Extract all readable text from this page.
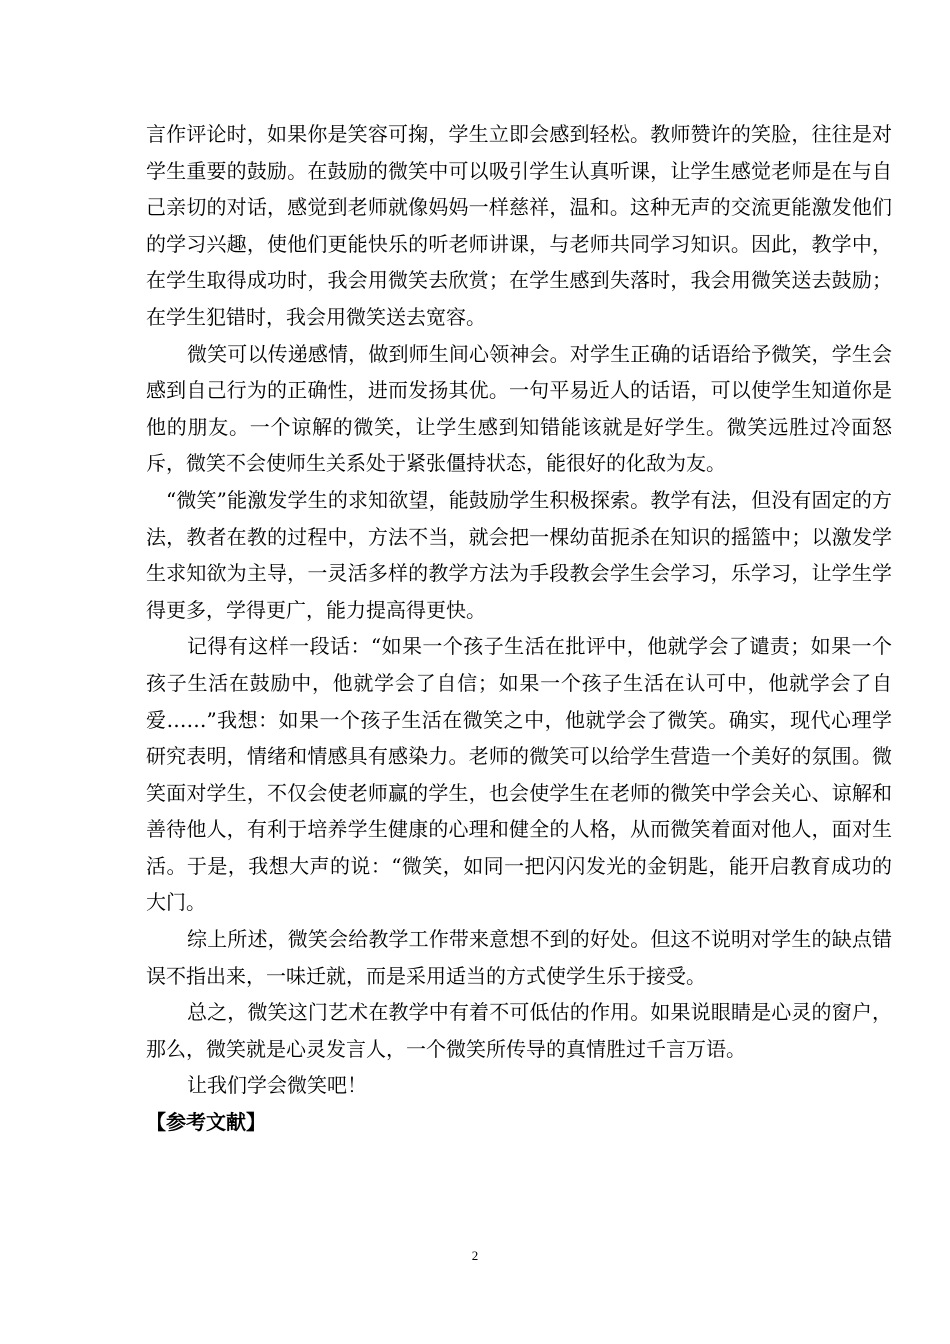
言作评论时，如果你是笑容可掬，学生立即会感到轻松。教师赞许的笑脸，往往是对学生重要的鼓励。在鼓励的微笑中可以吸引学生认真听课，让学生感觉老师是在与自己亲切的对话，感觉到老师就像妈妈一样慈祥，温和。这种无声的交流更能激发他们的学习兴趣，使他们更能快乐的听老师讲课，与老师共同学习知识。因此，教学中，在学生取得成功时，我会用微笑去欣赏；在学生感到失落时，我会用微笑送去鼓励；在学生犯错时，我会用微笑送去宽容。

微笑可以传递感情，做到师生间心领神会。对学生正确的话语给予微笑，学生会感到自己行为的正确性，进而发扬其优。一句平易近人的话语，可以使学生知道你是他的朋友。一个谅解的微笑，让学生感到知错能该就是好学生。微笑远胜过冷面怒斥，微笑不会使师生关系处于紧张僵持状态，能很好的化敌为友。

“微笑”能激发学生的求知欲望，能鼓励学生积极探索。教学有法，但没有固定的方法，教者在教的过程中，方法不当，就会把一棵幼苗扼杀在知识的摇篮中；以激发学生求知欲为主导，一灵活多样的教学方法为手段教会学生会学习，乐学习，让学生学得更多，学得更广，能力提高得更快。

记得有这样一段话：“如果一个孩子生活在批评中，他就学会了谴责；如果一个孩子生活在鼓励中，他就学会了自信；如果一个孩子生活在认可中，他就学会了自爱……”我想：如果一个孩子生活在微笑之中，他就学会了微笑。确实，现代心理学研究表明，情绪和情感具有感染力。老师的微笑可以给学生营造一个美好的氛围。微笑面对学生，不仅会使老师赢的学生，也会使学生在老师的微笑中学会关心、谅解和善待他人，有利于培养学生健康的心理和健全的人格，从而微笑着面对他人，面对生活。于是，我想大声的说：“微笑，如同一把闪闪发光的金钥匙，能开启教育成功的大门。

综上所述，微笑会给教学工作带来意想不到的好处。但这不说明对学生的缺点错误不指出来，一味迁就，而是采用适当的方式使学生乐于接受。

总之，微笑这门艺术在教学中有着不可低估的作用。如果说眼睛是心灵的窗户，那么，微笑就是心灵发言人，一个微笑所传导的真情胜过千言万语。

让我们学会微笑吧！

【参考文献】

2
